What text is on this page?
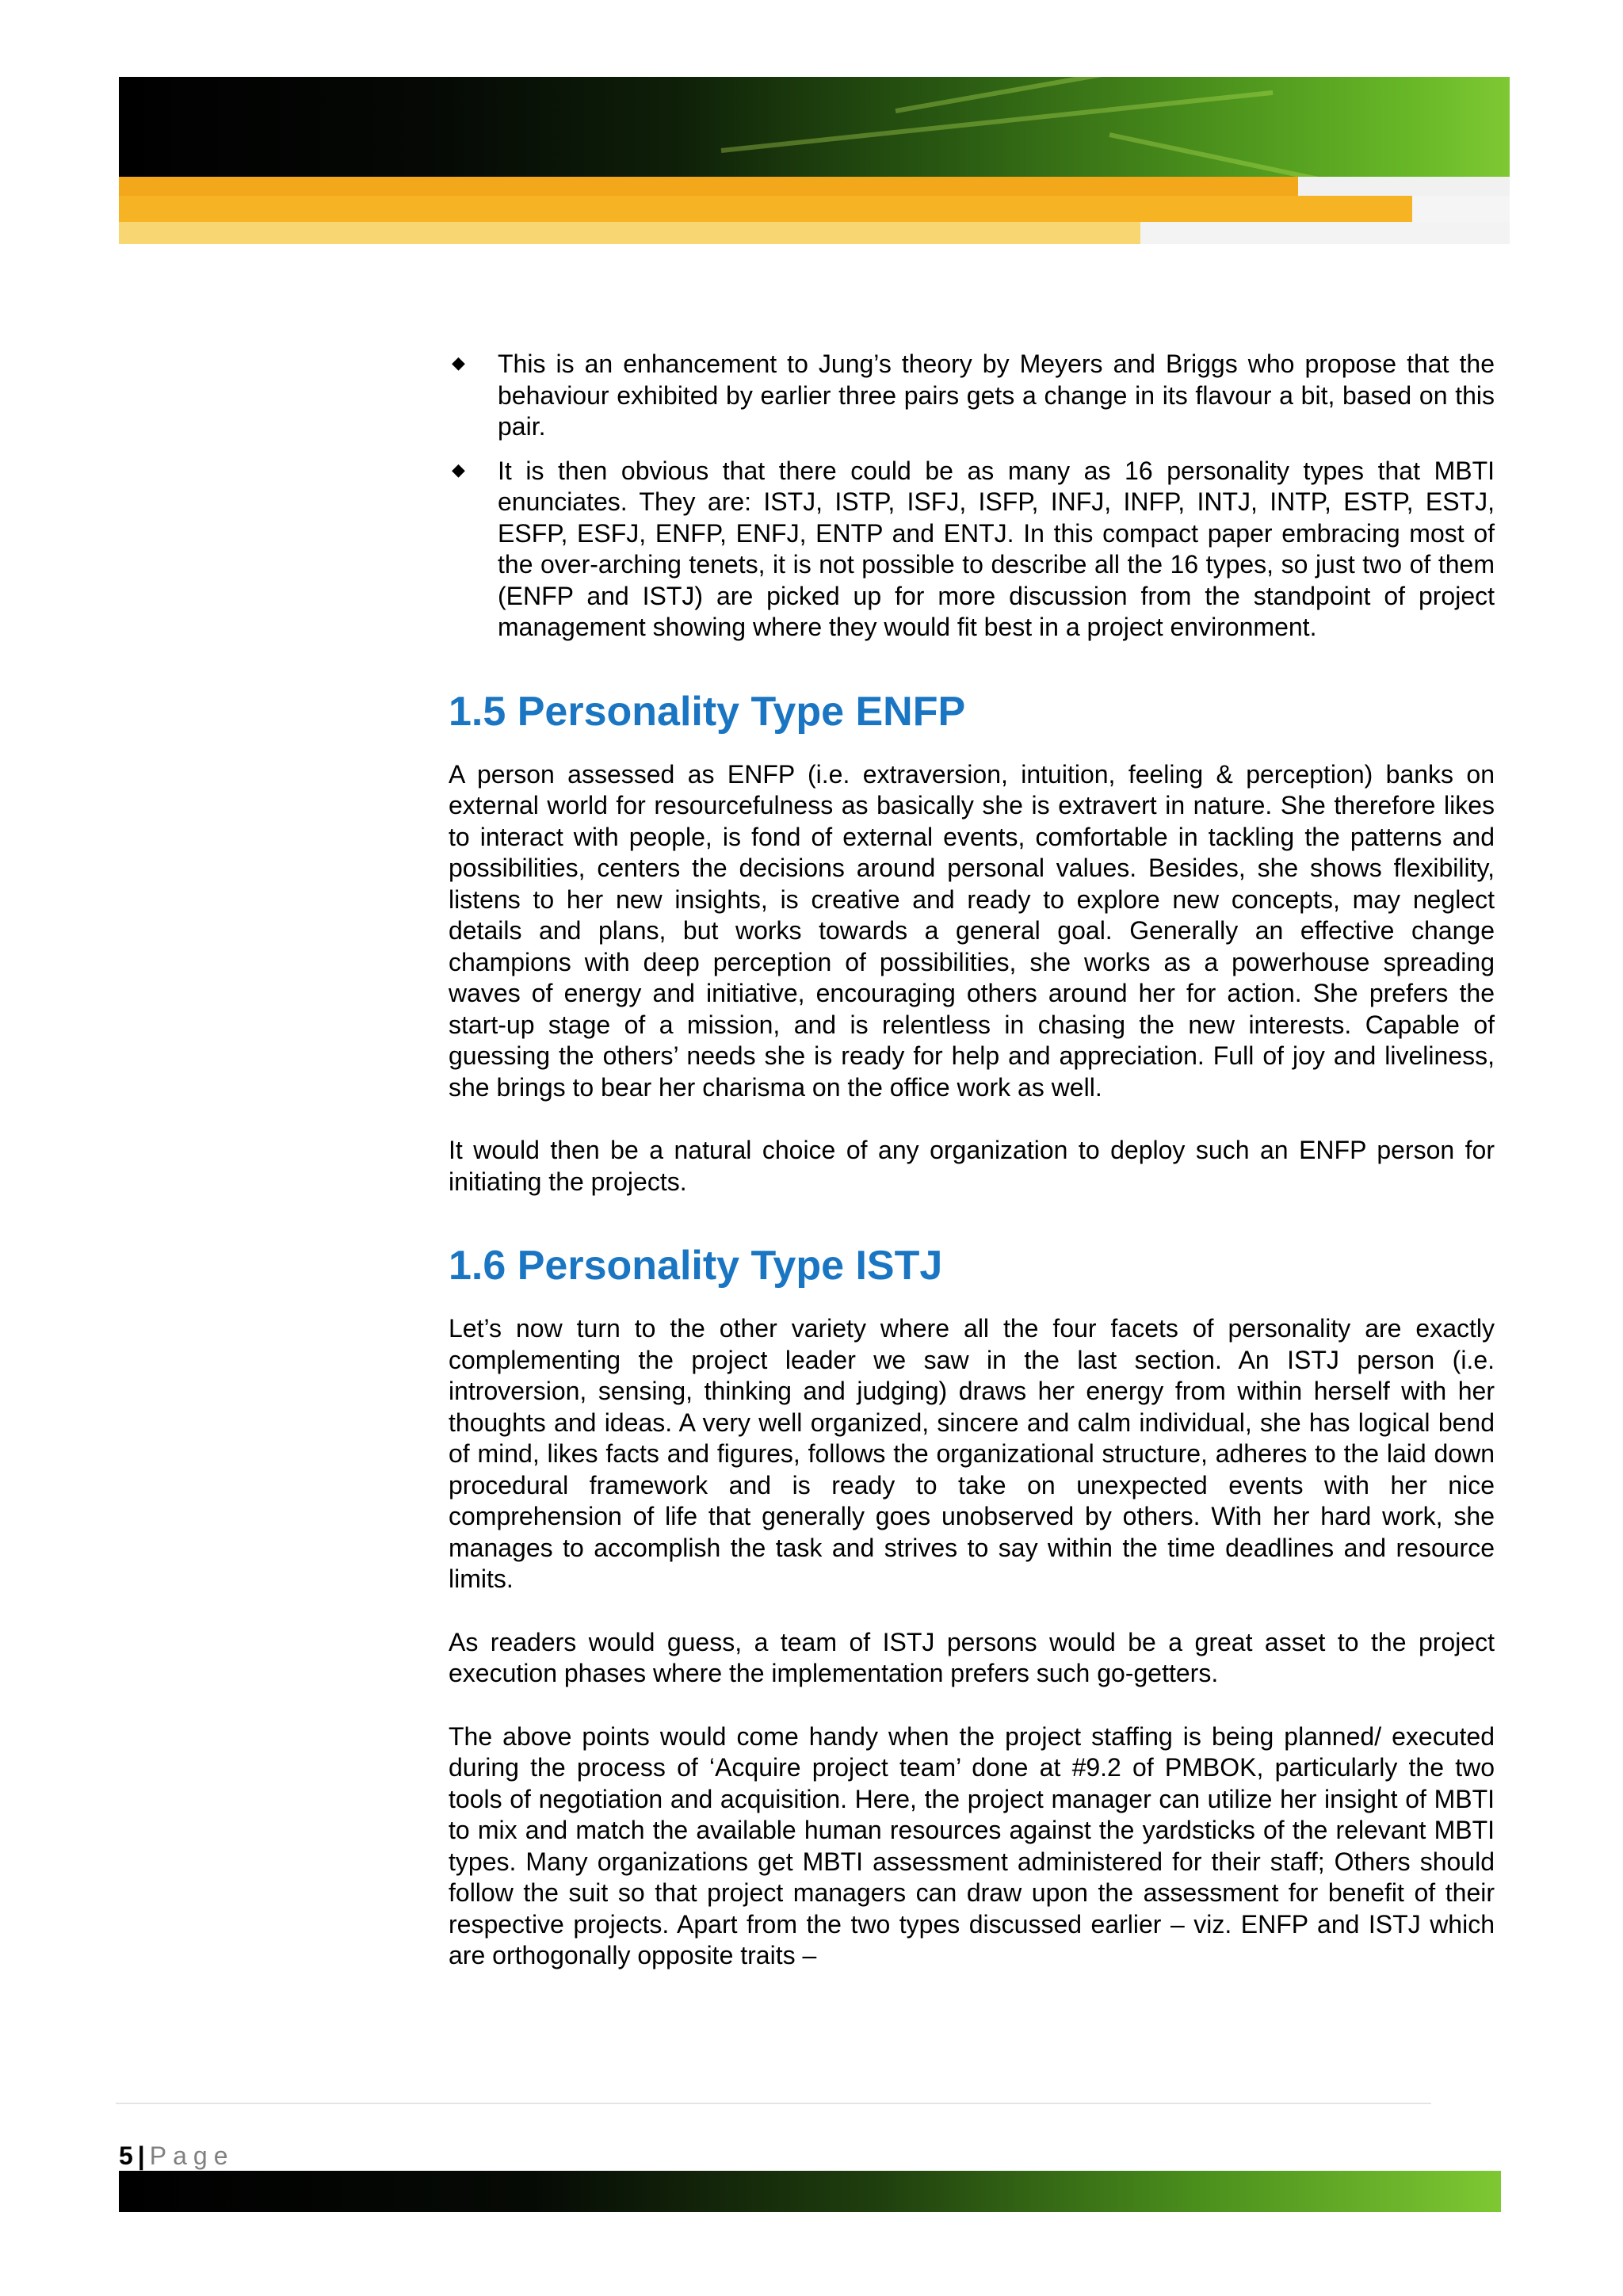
◆ This is an enhancement to Jung’s theory by Meyers and Briggs who propose that the behaviour exhibited by earlier three pairs gets a change in its flavour a bit, based on this pair.
◆ It is then obvious that there could be as many as 16 personality types that MBTI enunciates. They are: ISTJ, ISTP, ISFJ, ISFP, INFJ, INFP, INTJ, INTP, ESTP, ESTJ, ESFP, ESFJ, ENFP, ENFJ, ENTP and ENTJ. In this compact paper embracing most of the over-arching tenets, it is not possible to describe all the 16 types, so just two of them (ENFP and ISTJ) are picked up for more discussion from the standpoint of project management showing where they would fit best in a project environment.
1.5 Personality Type ENFP

A person assessed as ENFP (i.e. extraversion, intuition, feeling & perception) banks on external world for resourcefulness as basically she is extravert in nature. She therefore likes to interact with people, is fond of external events, comfortable in tackling the patterns and possibilities, centers the decisions around personal values. Besides, she shows flexibility, listens to her new insights, is creative and ready to explore new concepts, may neglect details and plans, but works towards a general goal. Generally an effective change champions with deep perception of possibilities, she works as a powerhouse spreading waves of energy and initiative, encouraging others around her for action. She prefers the start-up stage of a mission, and is relentless in chasing the new interests. Capable of guessing the others’ needs she is ready for help and appreciation. Full of joy and liveliness, she brings to bear her charisma on the office work as well.

It would then be a natural choice of any organization to deploy such an ENFP person for initiating the projects.

1.6 Personality Type ISTJ

Let’s now turn to the other variety where all the four facets of personality are exactly complementing the project leader we saw in the last section. An ISTJ person (i.e. introversion, sensing, thinking and judging) draws her energy from within herself with her thoughts and ideas. A very well organized, sincere and calm individual, she has logical bend of mind, likes facts and figures, follows the organizational structure, adheres to the laid down procedural framework and is ready to take on unexpected events with her nice comprehension of life that generally goes unobserved by others. With her hard work, she manages to accomplish the task and strives to say within the time deadlines and resource limits.

As readers would guess, a team of ISTJ persons would be a great asset to the project execution phases where the implementation prefers such go-getters.

The above points would come handy when the project staffing is being planned/ executed during the process of ‘Acquire project team’ done at #9.2 of PMBOK, particularly the two tools of negotiation and acquisition. Here, the project manager can utilize her insight of MBTI to mix and match the available human resources against the yardsticks of the relevant MBTI types. Many organizations get MBTI assessment administered for their staff; Others should follow the suit so that project managers can draw upon the assessment for benefit of their respective projects. Apart from the two types discussed earlier – viz. ENFP and ISTJ which are orthogonally opposite traits –

5 | Page
